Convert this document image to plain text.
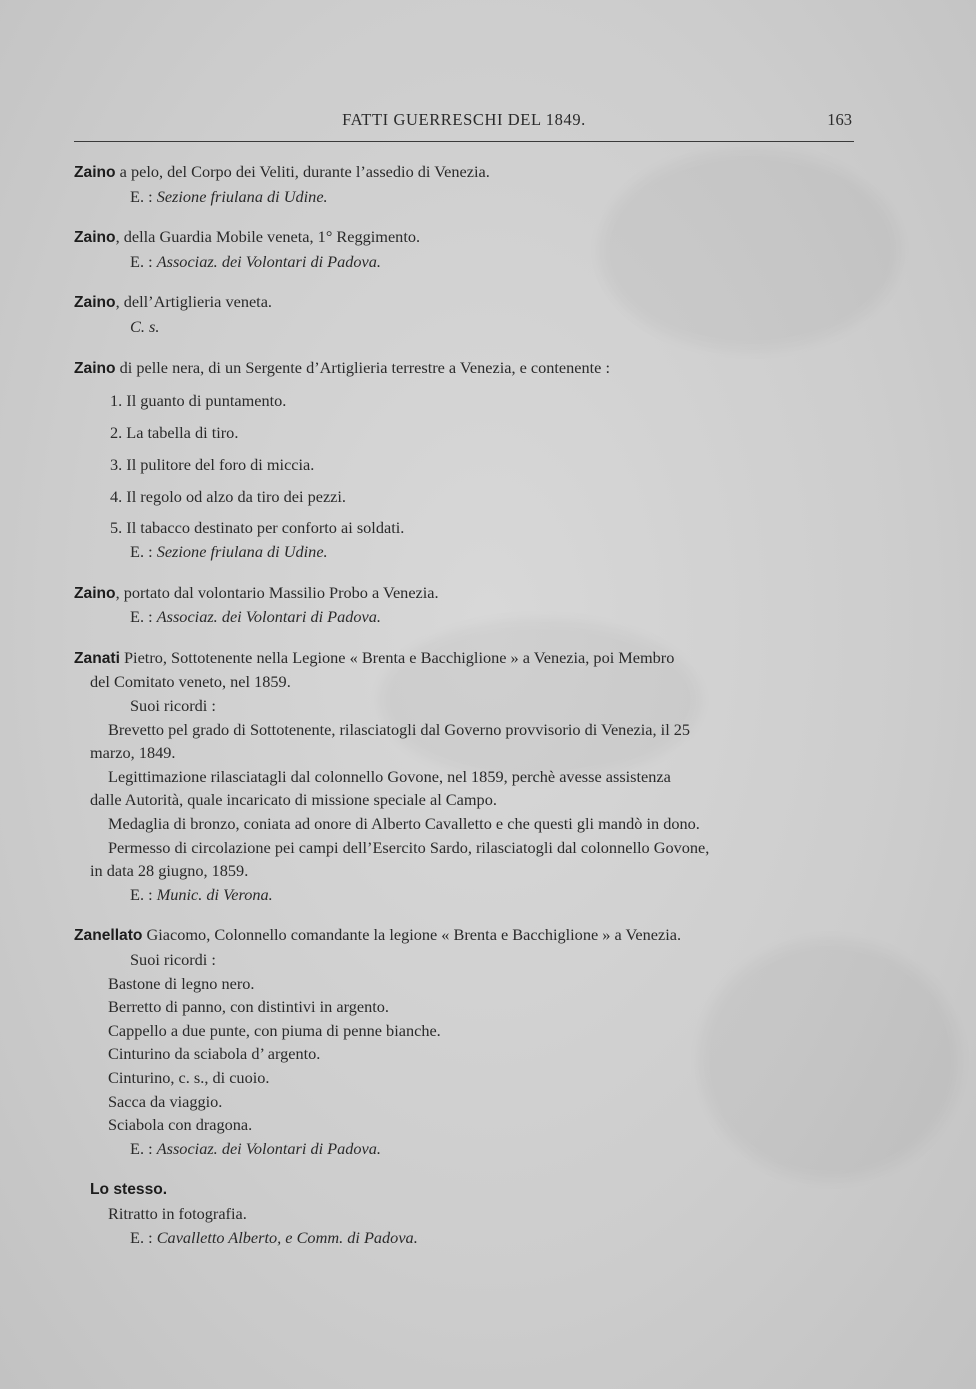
FATTI GUERRESCHI DEL 1849.	163
Zaino a pelo, del Corpo dei Veliti, durante l’assedio di Venezia.
E. : Sezione friulana di Udine.
Zaino, della Guardia Mobile veneta, 1° Reggimento.
E. : Associaz. dei Volontari di Padova.
Zaino, dell’Artiglieria veneta.
C. s.
Zaino di pelle nera, di un Sergente d’Artiglieria terrestre a Venezia, e contenente :
1. Il guanto di puntamento.
2. La tabella di tiro.
3. Il pulitore del foro di miccia.
4. Il regolo od alzo da tiro dei pezzi.
5. Il tabacco destinato per conforto ai soldati.
E. : Sezione friulana di Udine.
Zaino, portato dal volontario Massilio Probo a Venezia.
E. : Associaz. dei Volontari di Padova.
Zanati Pietro, Sottotenente nella Legione « Brenta e Bacchiglione » a Venezia, poi Membro
del Comitato veneto, nel 1859.
Suoi ricordi :
Brevetto pel grado di Sottotenente, rilasciatogli dal Governo provvisorio di Venezia, il 25
marzo, 1849.
Legittimazione rilasciatagli dal colonnello Govone, nel 1859, perchè avesse assistenza
dalle Autorità, quale incaricato di missione speciale al Campo.
Medaglia di bronzo, coniata ad onore di Alberto Cavalletto e che questi gli mandò in dono.
Permesso di circolazione pei campi dell’Esercito Sardo, rilasciatogli dal colonnello Govone,
in data 28 giugno, 1859.
E. : Munic. di Verona.
Zanellato Giacomo, Colonnello comandante la legione « Brenta e Bacchiglione » a Venezia.
Suoi ricordi :
Bastone di legno nero.
Berretto di panno, con distintivi in argento.
Cappello a due punte, con piuma di penne bianche.
Cinturino da sciabola d’ argento.
Cinturino, c. s., di cuoio.
Sacca da viaggio.
Sciabola con dragona.
E. : Associaz. dei Volontari di Padova.
Lo stesso.
Ritratto in fotografia.
E. : Cavalletto Alberto, e Comm. di Padova.
